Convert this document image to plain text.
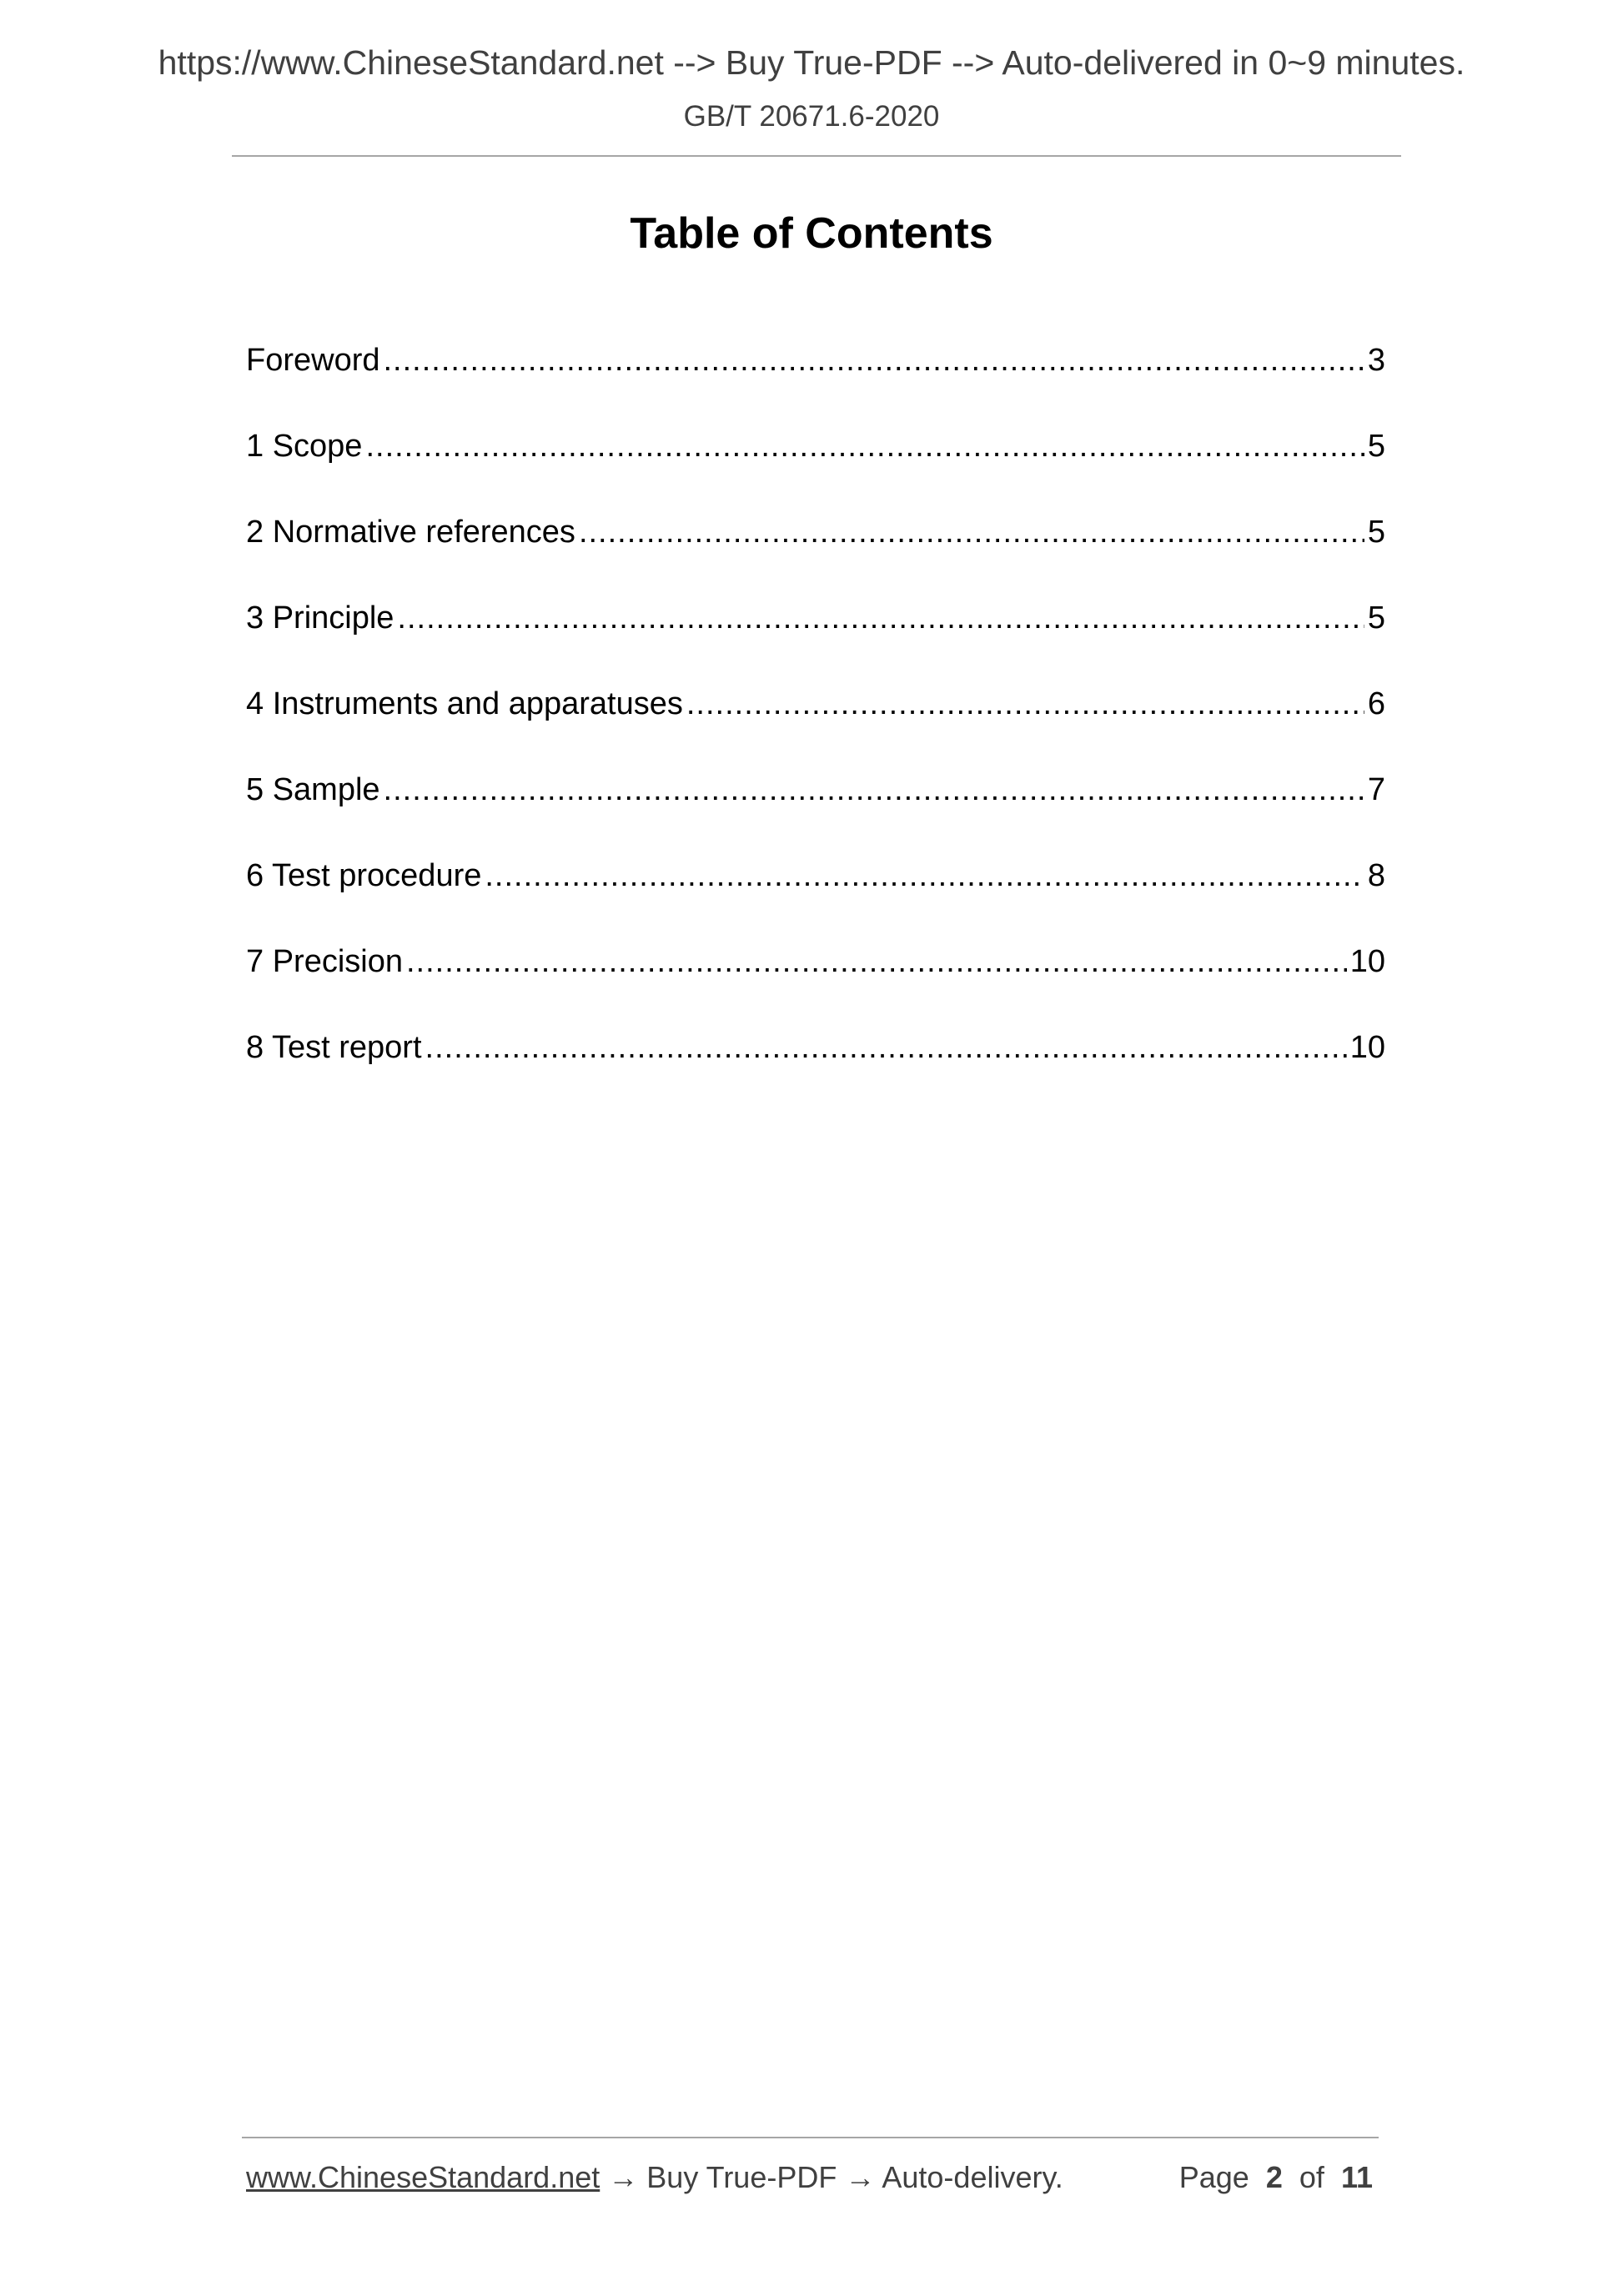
https://www.ChineseStandard.net --> Buy True-PDF --> Auto-delivered in 0~9 minutes.
GB/T 20671.6-2020
Table of Contents
Foreword .....	3
1 Scope .....	5
2 Normative references .....	5
3 Principle .....	5
4 Instruments and apparatuses .....	6
5 Sample .....	7
6 Test procedure .....	8
7 Precision .....	10
8 Test report .....	10
www.ChineseStandard.net → Buy True-PDF → Auto-delivery.	Page 2 of 11
